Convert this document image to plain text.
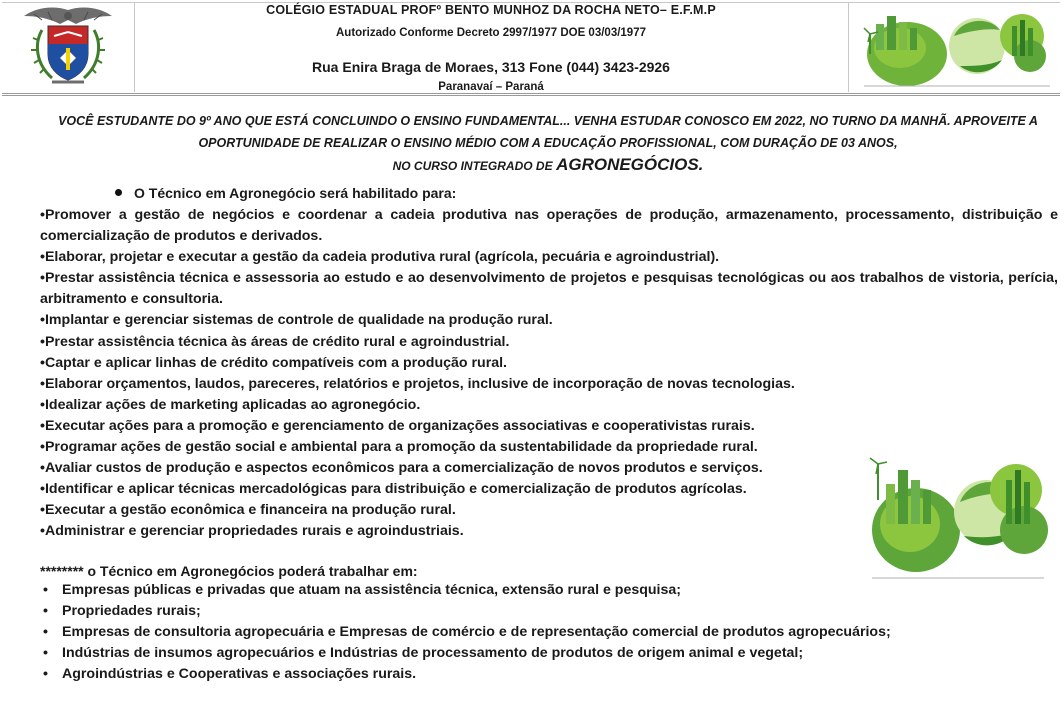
COLÉGIO ESTADUAL PROFº BENTO MUNHOZ DA ROCHA NETO– E.F.M.P
Autorizado Conforme Decreto 2997/1977 DOE 03/03/1977
Rua Enira Braga de Moraes, 313 Fone (044) 3423-2926
Paranavaí – Paraná
VOCÊ ESTUDANTE DO 9º ANO QUE ESTÁ CONCLUINDO O ENSINO FUNDAMENTAL... VENHA ESTUDAR CONOSCO EM 2022, NO TURNO DA MANHÃ. APROVEITE A OPORTUNIDADE DE REALIZAR O ENSINO MÉDIO COM A EDUCAÇÃO PROFISSIONAL, COM DURAÇÃO DE 03 ANOS,
NO CURSO INTEGRADO DE AGRONEGÓCIOS.
O Técnico em Agronegócio será habilitado para:
•Promover a gestão de negócios e coordenar a cadeia produtiva nas operações de produção, armazenamento, processamento, distribuição e comercialização de produtos e derivados.
•Elaborar, projetar e executar a gestão da cadeia produtiva rural (agrícola, pecuária e agroindustrial).
•Prestar assistência técnica e assessoria ao estudo e ao desenvolvimento de projetos e pesquisas tecnológicas ou aos trabalhos de vistoria, perícia, arbitramento e consultoria.
•Implantar e gerenciar sistemas de controle de qualidade na produção rural.
•Prestar assistência técnica às áreas de crédito rural e agroindustrial.
•Captar e aplicar linhas de crédito compatíveis com a produção rural.
•Elaborar orçamentos, laudos, pareceres, relatórios e projetos, inclusive de incorporação de novas tecnologias.
•Idealizar ações de marketing aplicadas ao agronegócio.
•Executar ações para a promoção e gerenciamento de organizações associativas e cooperativistas rurais.
•Programar ações de gestão social e ambiental para a promoção da sustentabilidade da propriedade rural.
•Avaliar custos de produção e aspectos econômicos para a comercialização de novos produtos e serviços.
•Identificar e aplicar técnicas mercadológicas para distribuição e comercialização de produtos agrícolas.
•Executar a gestão econômica e financeira na produção rural.
•Administrar e gerenciar propriedades rurais e agroindustriais.
******** o Técnico em Agronegócios poderá trabalhar em:
• Empresas públicas e privadas que atuam na assistência técnica, extensão rural e pesquisa;
• Propriedades rurais;
• Empresas de consultoria agropecuária e Empresas de comércio e de representação comercial de produtos agropecuários;
• Indústrias de insumos agropecuários e Indústrias de processamento de produtos de origem animal e vegetal;
• Agroindústrias e Cooperativas e associações rurais.
